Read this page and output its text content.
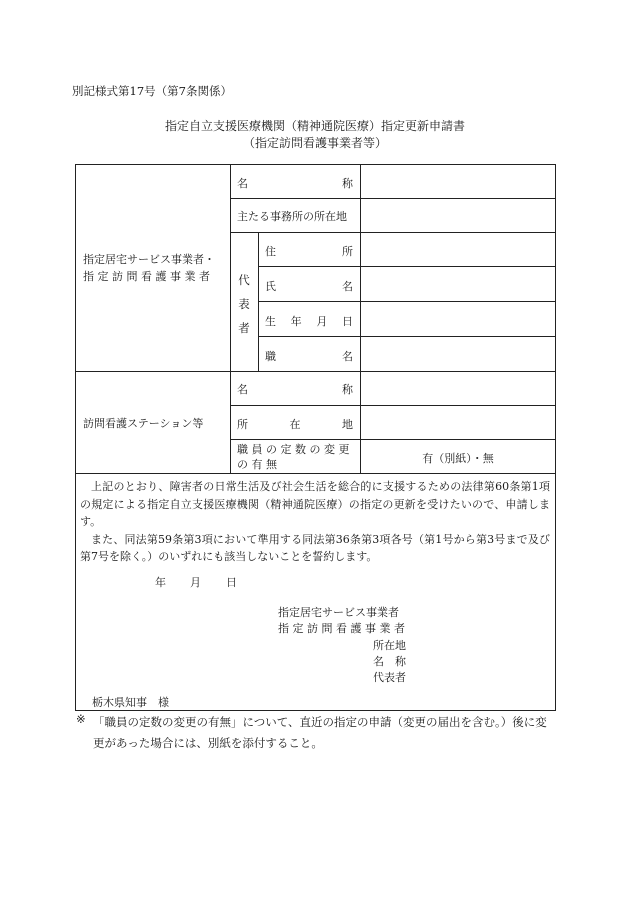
別記様式第17号（第7条関係）
指定自立支援医療機関（精神通院医療）指定更新申請書
（指定訪問看護事業者等）
指定居宅サービス事業者・
指 定 訪 問 看 護 事 業 者
名	称
主たる事務所の所在地
代
表
者
住	所
氏	名
生 年 月 日
職	名
訪問看護ステーション等
名	称
所	在	地
職 員 の 定 数 の 変 更
の 有 無	有（別紙）・無

上記のとおり、障害者の日常生活及び社会生活を総合的に支援するための法律第60条第1項の規定による指定自立支援医療機関（精神通院医療）の指定の更新を受けたいので、申請します。

また、同法第59条第3項において準用する同法第36条第3項各号（第1号から第3号まで及び第7号を除く。）のいずれにも該当しないことを誓約します。

年 月 日
指定居宅サービス事業者
指 定 訪 問 看 護 事 業 者
所在地
名　称
代表者
栃木県知事　様
※ 「職員の定数の変更の有無」について、直近の指定の申請（変更の届出を含む。）後に変更があった場合には、別紙を添付すること。
